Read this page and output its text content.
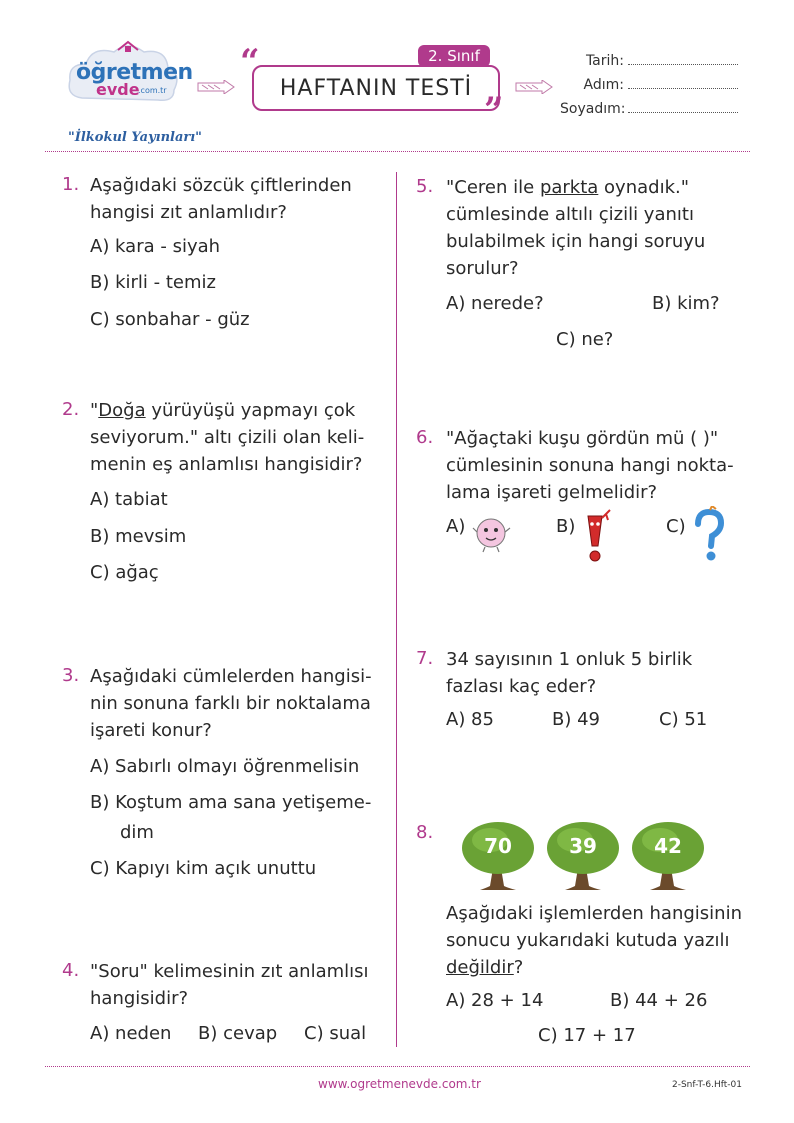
öğretmen
evde
.com.tr
"İlkokul Yayınları"
“
HAFTANIN TESTİ
2. Sınıf
”
Tarih:
Adım:
Soyadım:
1. Aşağıdaki sözcük çiftlerinden
hangisi zıt anlamlıdır?
A) kara - siyah
B) kirli - temiz
C) sonbahar - güz
2. "Doğa yürüyüşü yapmayı çok
seviyorum." altı çizili olan keli-
menin eş anlamlısı hangisidir?
A) tabiat
B) mevsim
C) ağaç
3. Aşağıdaki cümlelerden hangisi-
nin sonuna farklı bir noktalama
işareti konur?
A) Sabırlı olmayı öğrenmelisin
B) Koştum ama sana yetişeme-
dim
C) Kapıyı kim açık unuttu
4. "Soru" kelimesinin zıt anlamlısı
hangisidir?
A) neden B) cevap C) sual
5. "Ceren ile parkta oynadık."
cümlesinde altılı çizili yanıtı
bulabilmek için hangi soruyu
sorulur?
A) nerede?	B) kim?
C) ne?
6. "Ağaçtaki kuşu gördün mü ( )"
cümlesinin sonuna hangi nokta-
lama işareti gelmelidir?
A)	B)	C)
7. 34 sayısının 1 onluk 5 birlik
fazlası kaç eder?
A) 85	B) 49	C) 51
8.
70	39	42
Aşağıdaki işlemlerden hangisinin
sonucu yukarıdaki kutuda yazılı
değildir?
A) 28 + 14	B) 44 + 26
C) 17 + 17
www.ogretmenevde.com.tr	2-Snf-T-6.Hft-01
